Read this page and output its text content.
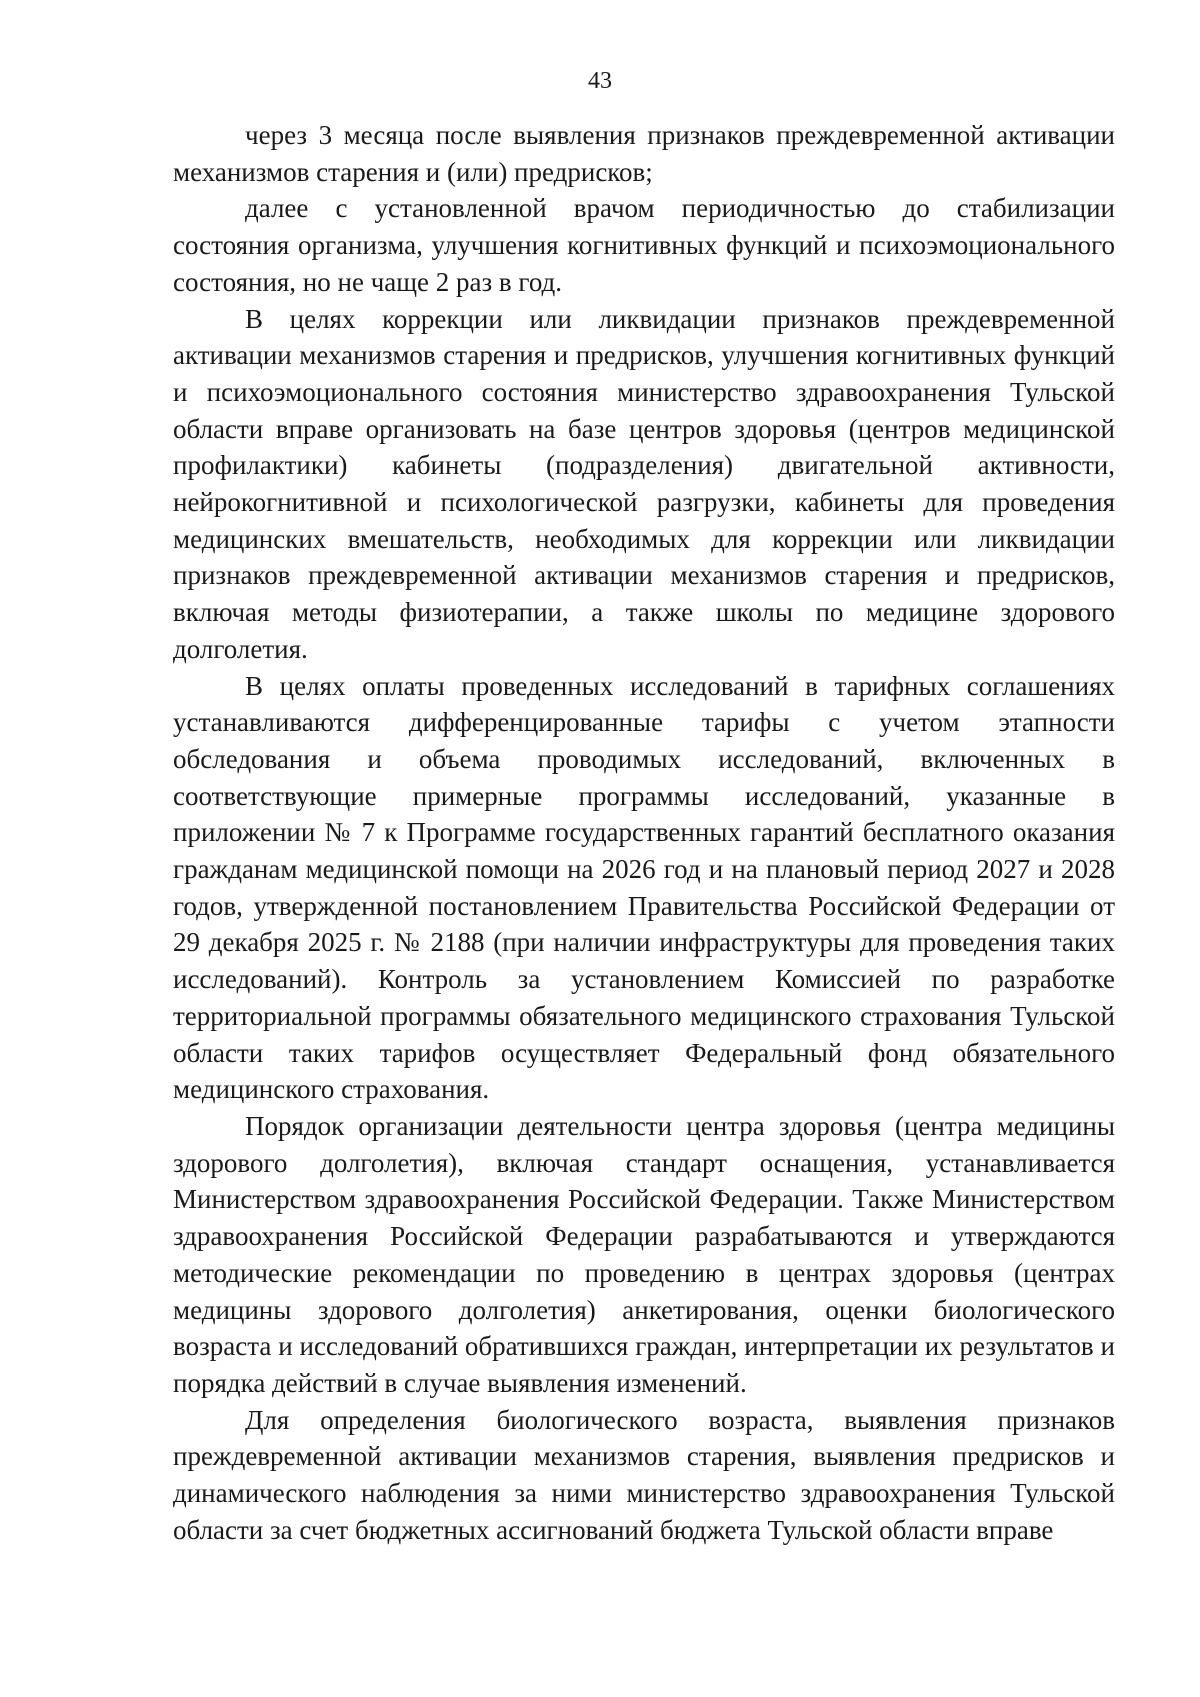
43

через 3 месяца после выявления признаков преждевременной активации механизмов старения и (или) предрисков;

далее с установленной врачом периодичностью до стабилизации состояния организма, улучшения когнитивных функций и психоэмоционального состояния, но не чаще 2 раз в год.

В целях коррекции или ликвидации признаков преждевременной активации механизмов старения и предрисков, улучшения когнитивных функций и психоэмоционального состояния министерство здравоохранения Тульской области вправе организовать на базе центров здоровья (центров медицинской профилактики) кабинеты (подразделения) двигательной активности, нейрокогнитивной и психологической разгрузки, кабинеты для проведения медицинских вмешательств, необходимых для коррекции или ликвидации признаков преждевременной активации механизмов старения и предрисков, включая методы физиотерапии, а также школы по медицине здорового долголетия.

В целях оплаты проведенных исследований в тарифных соглашениях устанавливаются дифференцированные тарифы с учетом этапности обследования и объема проводимых исследований, включенных в соответствующие примерные программы исследований, указанные в приложении № 7 к Программе государственных гарантий бесплатного оказания гражданам медицинской помощи на 2026 год и на плановый период 2027 и 2028 годов, утвержденной постановлением Правительства Российской Федерации от 29 декабря 2025 г. № 2188 (при наличии инфраструктуры для проведения таких исследований). Контроль за установлением Комиссией по разработке территориальной программы обязательного медицинского страхования Тульской области таких тарифов осуществляет Федеральный фонд обязательного медицинского страхования.

Порядок организации деятельности центра здоровья (центра медицины здорового долголетия), включая стандарт оснащения, устанавливается Министерством здравоохранения Российской Федерации. Также Министерством здравоохранения Российской Федерации разрабатываются и утверждаются методические рекомендации по проведению в центрах здоровья (центрах медицины здорового долголетия) анкетирования, оценки биологического возраста и исследований обратившихся граждан, интерпретации их результатов и порядка действий в случае выявления изменений.

Для определения биологического возраста, выявления признаков преждевременной активации механизмов старения, выявления предрисков и динамического наблюдения за ними министерство здравоохранения Тульской области за счет бюджетных ассигнований бюджета Тульской области вправе
